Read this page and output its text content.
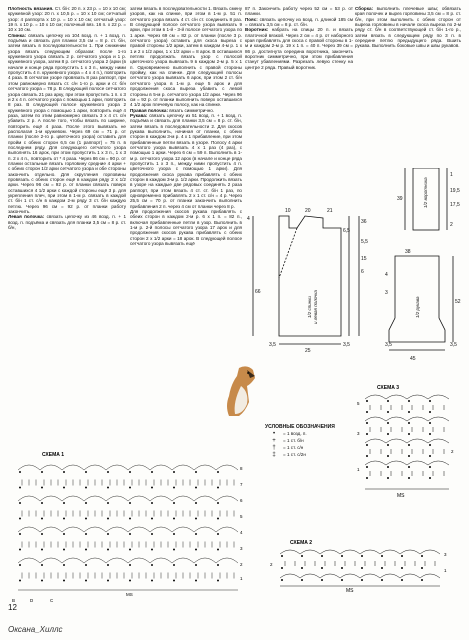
Плотность вязания. Ст. б/н: 20 п. х 23 р. = 10 х 10 см; кружевной узор: 20 п. х 10,5 р. = 10 х 10 см; сетчатый узор: 4 раппорта х 10 р. = 10 х 10 см; сетчатый узор: 19 п. х 10 р. = 10 х 10 см; полочный вяз. 16 п. х 22 р. = 10 х 10 см.

Спинка: связать цепочку из 104 возд. п. + 1 возд. п. подъёма и связать для планки 3,5 см = 8 р. ст. б/н, затем вязать в последовательности 1. При снижении узора вязать следующим образом: после 1-го кружевного узора связать 2 р. сетчатого узора и 1 р. кружевного узора, затем 8 р. сетчатого узора 2 (арки (в начале и конце ряда пропустить 1 х 3 п., между ними пропустить 4 п. кружевного узора = 4 х 4 п.), повторить 4 раза. В сетчатом узоре провязать 8 раз раппорт, при этом равномерно вязать ст. с/н 1-го р. арки и ст. б/н сетчатого узора = 78 р. В следующей полосе сетчатого узора связать 21 раз арку, при этом пропустить 1 п. х 3 и 2 х 4 п. сетчатого узора с помощью 1 арки, повторить 8 раз. В следующей полосе кружевного узора 2 кружевного узора с помощью 1 арки, повторить ещё 4 раза, затем по этим равномерно связать 3 х 4 ст. с/н убавить 2 р. А после того, чтобы вязать по ширине, повторить ещё 4 раза. После этого вывязать не располагая 1-м кружевом. Через 69 см = 71 р. от планки (после 2-го р. цветочного узора) оставить для пройм с обеих сторон 6,5 см (1 раппорт) = 75 п. в последнем ряду. Для следующего сетчатого узора выполнять 16 арок, при этом пропустить 1 х 3 п., 1 х 3 п. 2 х 4 п., повторить от * 4 раза. Через 86 см = 90 р. от планки остальные вязать горловину средние 4 арки + с обеих сторон 1/2 арки сетчатого узора и обе стороны закончить отдельно. Для скругления горловины провязать с обеих сторон ещё в каждом ряду 2 х 1/2 арки. Через 96 см = 92 р. от планки связать поверх оставшихся 4 1/2 арки с каждой стороны ещё 3 р. для укрепления плеч, при этом в 1-м р. связать в каждой ст. б/н 1 ст. с/н в каждом 2-м ряду 3 ст. б/н каждую петлю. Через 96 см = 92 р. от планки работу закончить.

Левая полочка: связать цепочку из 46 возд. п. + 1 возд. п. подъёма и связать для планки 3,5 см = 8 р. ст. б/н,

затем вязать в последовательности 1. Вязать смену узоров, как на спинке, при этом в 1-м р. 51 п. сетчатого узора вязать 4 ст. с/н ст. соединить 8 раз. В следующей полосе сетчатого узора вывязать 9 арки, при этом в 1-й - 3-й полосе сетчатого узора по 1 арке. Через 69 см = 82 р. от планки (после 3 р. сетчатого узора) оставить для скоса выреза с правой стороны 1/2 арки, затем в каждом 4-м р. 1 х 1 и 2 х 1/2 арки, 1 х 1/2 арки = 8 арок. В оставшихся петлях продолжать вязать узор с полосой цветочного узора вывязать 9 в каждом 2-м р. 5 х 1 п. Одновременно выполнить с правой стороны пройму, как на спинке. Для следующей полосы сетчатого узора вывязать 6 арок, при этом 2 ст. б/н сетчатого узора в 1-м р. еще 5 арок и для продолжения скоса выреза убавить с левой стороны в 5-м р. сетчатого узора 1/2 арки. Через 96 см = 92 р. от планки выполнить поверх оставшихся 4 1/2 арок плечевую полосу, как на спинке.

Правая полочка: вязать симметрично.

Рукава: связать цепочку из 51 возд. п. + 1 возд. п. подъёма и связать для планки 3,5 см = 8 р. ст. б/н, затем вязать в последовательности 2. Для скосов рукава выполнить, начиная от планки, с обеих сторон в каждом 3-м р. 4 х 1 прибавление, при этом прибавленные петли вязать в узоре. Полосу 4 арки сетчатого узора вывязать 4 х 1 раз (4 раз), с помощью 1 арки. Через 6 см = 59 п. Выполнить в 1-м р. сетчатого узора 12 арок (в начале и конце ряда пропустить 1 х 3 п., между ними пропустить 4 п. цветочного узора с помощью 1 арки). Для продолжения скоса рукава прибавлять с обеих сторон в каждом 3-м р. 1/2 арки. Продолжить вязать в узоре на каждые две рядовых соединять 2 раза раппорт, при этом вязать 4 ст. ст. б/н 1 раз, по одновременно прибавлять 2 х 1 ст. с/н = 4 р. Через 25,5 см = 70 р. от планки закончить выполнить прибавления 2 п. через 4 см от планки через 8 р.

Для продолжения скосов рукава прибавлять с обеих сторон в каждом 2-м р. 6 х 1 п. = 82 п., включая прибавленные петли в узор. Выполнить в 1-м р. 2-й полосы сетчатого узора 17 арок и для продолжения скосов рукава прибавлять с обеих сторон 2 х 1/2 арки = 18 арок. В следующей полосе сетчатого узора вывязать ещё

87 п. Закончить работу через 52 см = 53 р. от планки.

Пояс: связать цепочку из возд. п. длиной 185 см = связать 3,5 см = 8 р. ст. б/н.

Воротник: набрать на спицы 20 п. и вязать платочной вязкой. Через 2 см = 4 р. от наборного края прибавлять для скоса с правой стороны в 1-м и каждом 2-м р. 19 х 1 п. = 40 п. Через 39 см = 86 р. достигнута середина воротника, закончить воротник симметрично, при этом прибавления станут убавлениями. Разрезать левую стенку на центре 2 ряда. Правый воротник.

Сборка: выполнить плечевые швы; обвязать края полочек и вырез горловины 3,5 см = 8 р. ст. б/н, при этом выполнить с обеих сторон от выреза горловины в начале скоса выреза по 2-м ряду ст. б/н в соответствующей ст. б/н 1-го р., затем вязать в следующем ряду по 3 п. в середине петлю предыдущего ряда. Вшить рукава. Выполнить боковые швы и швы рукавов.

39
1
19,5
17,5
2
36
5,5
15
6
4
20	21
10
66
6,5
3,5	3,5
52
4
3
3,5
25
45
3,5
38
1/2 воротника
1/2 спинки и левая полочка	1/2 рукава
УСЛОВНЫЕ ОБОЗНАЧЕНИЯ
•	= 1 возд. п.
+	= 1 ст. б/н
†	= 1 ст. с/н
‡	= 1 ст. с/2н
СХЕМА 3
5
3
1
MS
2
СХЕМА 1
8
7
6
5
4
3
2
1
MS
B	D	C
СХЕМА 2
3
1
2
MS
12
Оксана_Хиллс
